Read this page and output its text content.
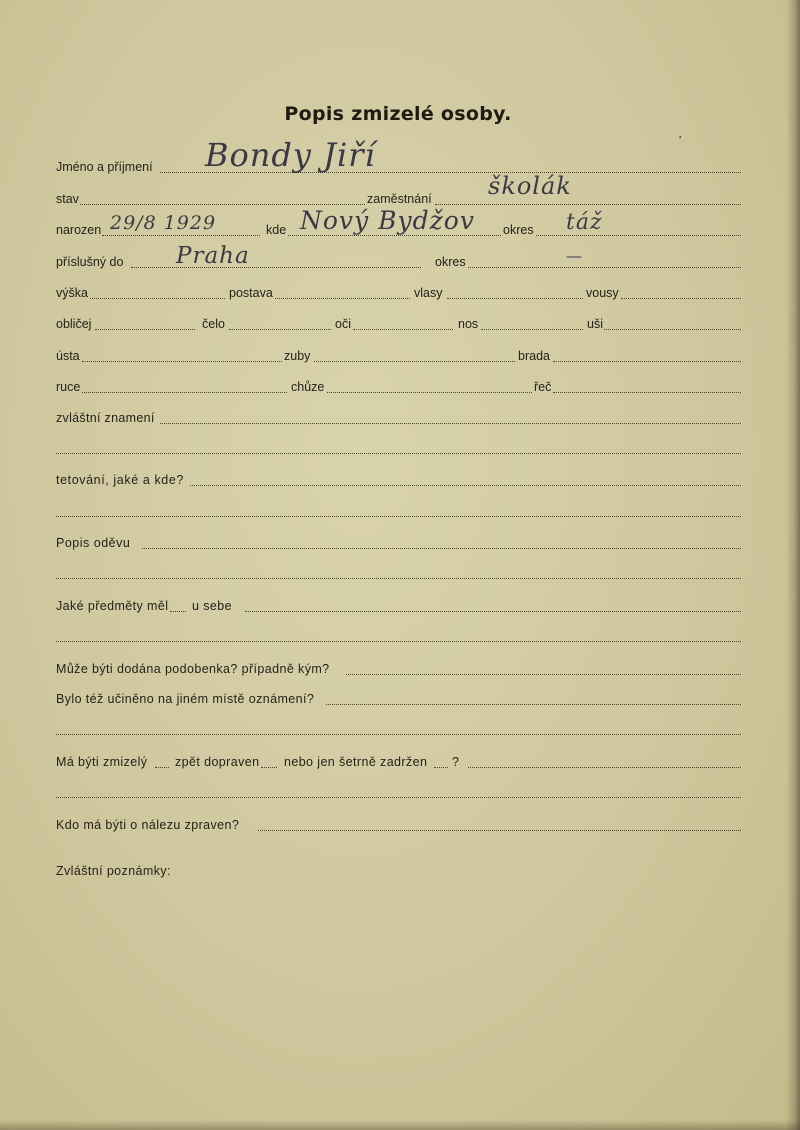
Popis zmizelé osoby.
Jméno a příjmení Bondy Jiří
stav	zaměstnání školák
narozen 29/8 1929	kde Nový Bydžov okres táž
příslušný do Praha	okres	—
výška	postava	vlasy	vousy
obličej	čelo	oči	nos	uši
ústa	zuby	brada
ruce	chůze	řeč
zvláštní znamení
tetování, jaké a kde?
Popis oděvu
Jaké předměty měl u sebe
Může býti dodána podobenka? případně kým?
Bylo též učiněno na jiném místě oznámení?
Má býti zmizelý zpět dopraven nebo jen šetrně zadržen ?
Kdo má býti o nálezu zpraven?
Zvláštní poznámky:
·
